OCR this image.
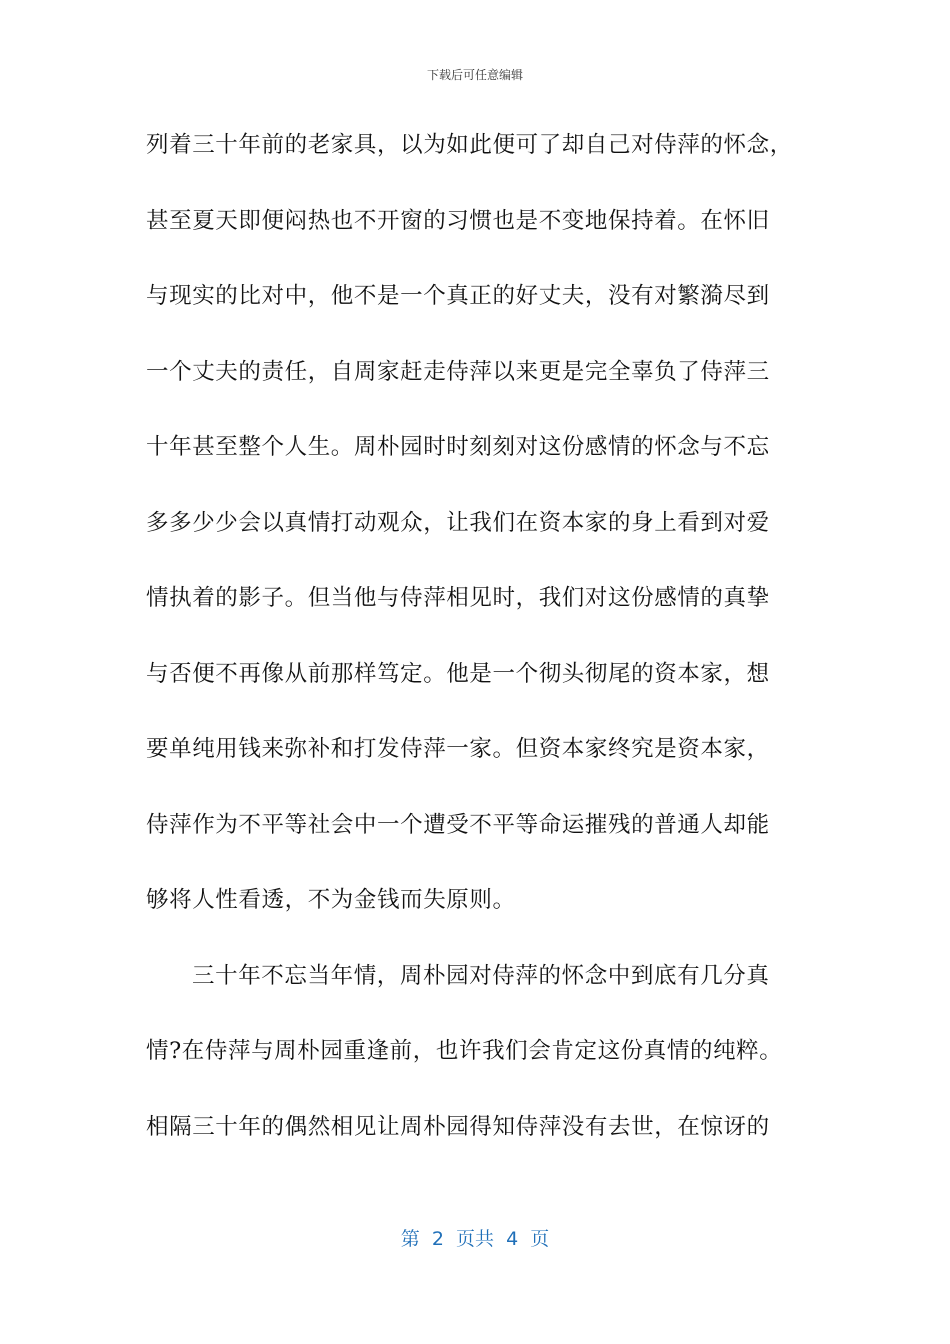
下载后可任意编辑
列着三十年前的老家具，以为如此便可了却自己对侍萍的怀念，
甚至夏天即便闷热也不开窗的习惯也是不变地保持着。在怀旧
与现实的比对中，他不是一个真正的好丈夫，没有对繁漪尽到
一个丈夫的责任，自周家赶走侍萍以来更是完全辜负了侍萍三
十年甚至整个人生。周朴园时时刻刻对这份感情的怀念与不忘
多多少少会以真情打动观众，让我们在资本家的身上看到对爱
情执着的影子。但当他与侍萍相见时，我们对这份感情的真挚
与否便不再像从前那样笃定。他是一个彻头彻尾的资本家，想
要单纯用钱来弥补和打发侍萍一家。但资本家终究是资本家，
侍萍作为不平等社会中一个遭受不平等命运摧残的普通人却能
够将人性看透，不为金钱而失原则。
三十年不忘当年情，周朴园对侍萍的怀念中到底有几分真
情?在侍萍与周朴园重逢前，也许我们会肯定这份真情的纯粹。
相隔三十年的偶然相见让周朴园得知侍萍没有去世，在惊讶的
第  2  页共  4  页
